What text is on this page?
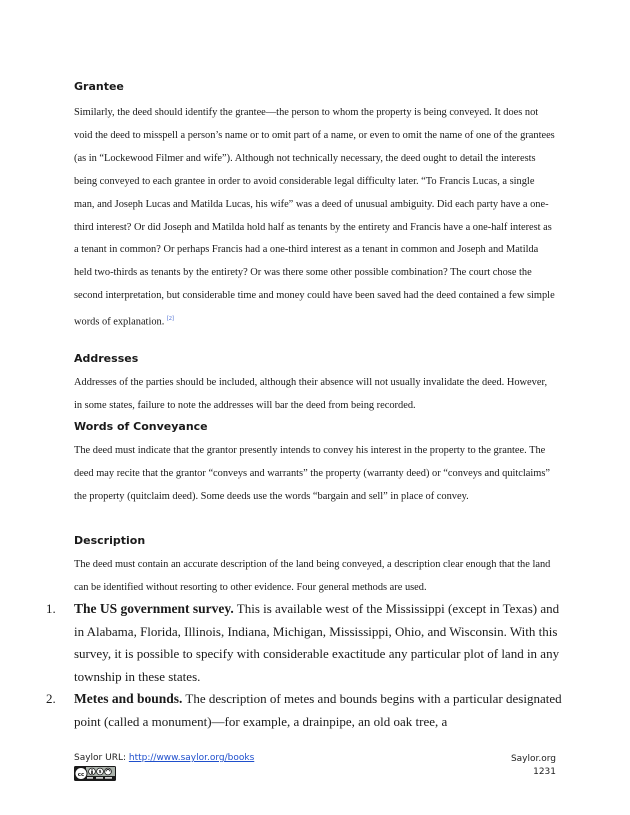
Grantee

Similarly, the deed should identify the grantee—the person to whom the property is being conveyed. It does not void the deed to misspell a person’s name or to omit part of a name, or even to omit the name of one of the grantees (as in “Lockewood Filmer and wife”). Although not technically necessary, the deed ought to detail the interests being conveyed to each grantee in order to avoid considerable legal difficulty later. “To Francis Lucas, a single man, and Joseph Lucas and Matilda Lucas, his wife” was a deed of unusual ambiguity. Did each party have a one-third interest? Or did Joseph and Matilda hold half as tenants by the entirety and Francis have a one-half interest as a tenant in common? Or perhaps Francis had a one-third interest as a tenant in common and Joseph and Matilda held two-thirds as tenants by the entirety? Or was there some other possible combination? The court chose the second interpretation, but considerable time and money could have been saved had the deed contained a few simple words of explanation. [2]

Addresses

Addresses of the parties should be included, although their absence will not usually invalidate the deed. However, in some states, failure to note the addresses will bar the deed from being recorded.

Words of Conveyance

The deed must indicate that the grantor presently intends to convey his interest in the property to the grantee. The deed may recite that the grantor “conveys and warrants” the property (warranty deed) or “conveys and quitclaims” the property (quitclaim deed). Some deeds use the words “bargain and sell” in place of convey.

Description

The deed must contain an accurate description of the land being conveyed, a description clear enough that the land can be identified without resorting to other evidence. Four general methods are used.

1.	The US government survey. This is available west of the Mississippi (except in Texas) and in Alabama, Florida, Illinois, Indiana, Michigan, Mississippi, Ohio, and Wisconsin. With this survey, it is possible to specify with considerable exactitude any particular plot of land in any township in these states.
2.	Metes and bounds. The description of metes and bounds begins with a particular designated point (called a monument)—for example, a drainpipe, an old oak tree, a
Saylor URL: http://www.saylor.org/books
cc	$
Saylor.org
1231
